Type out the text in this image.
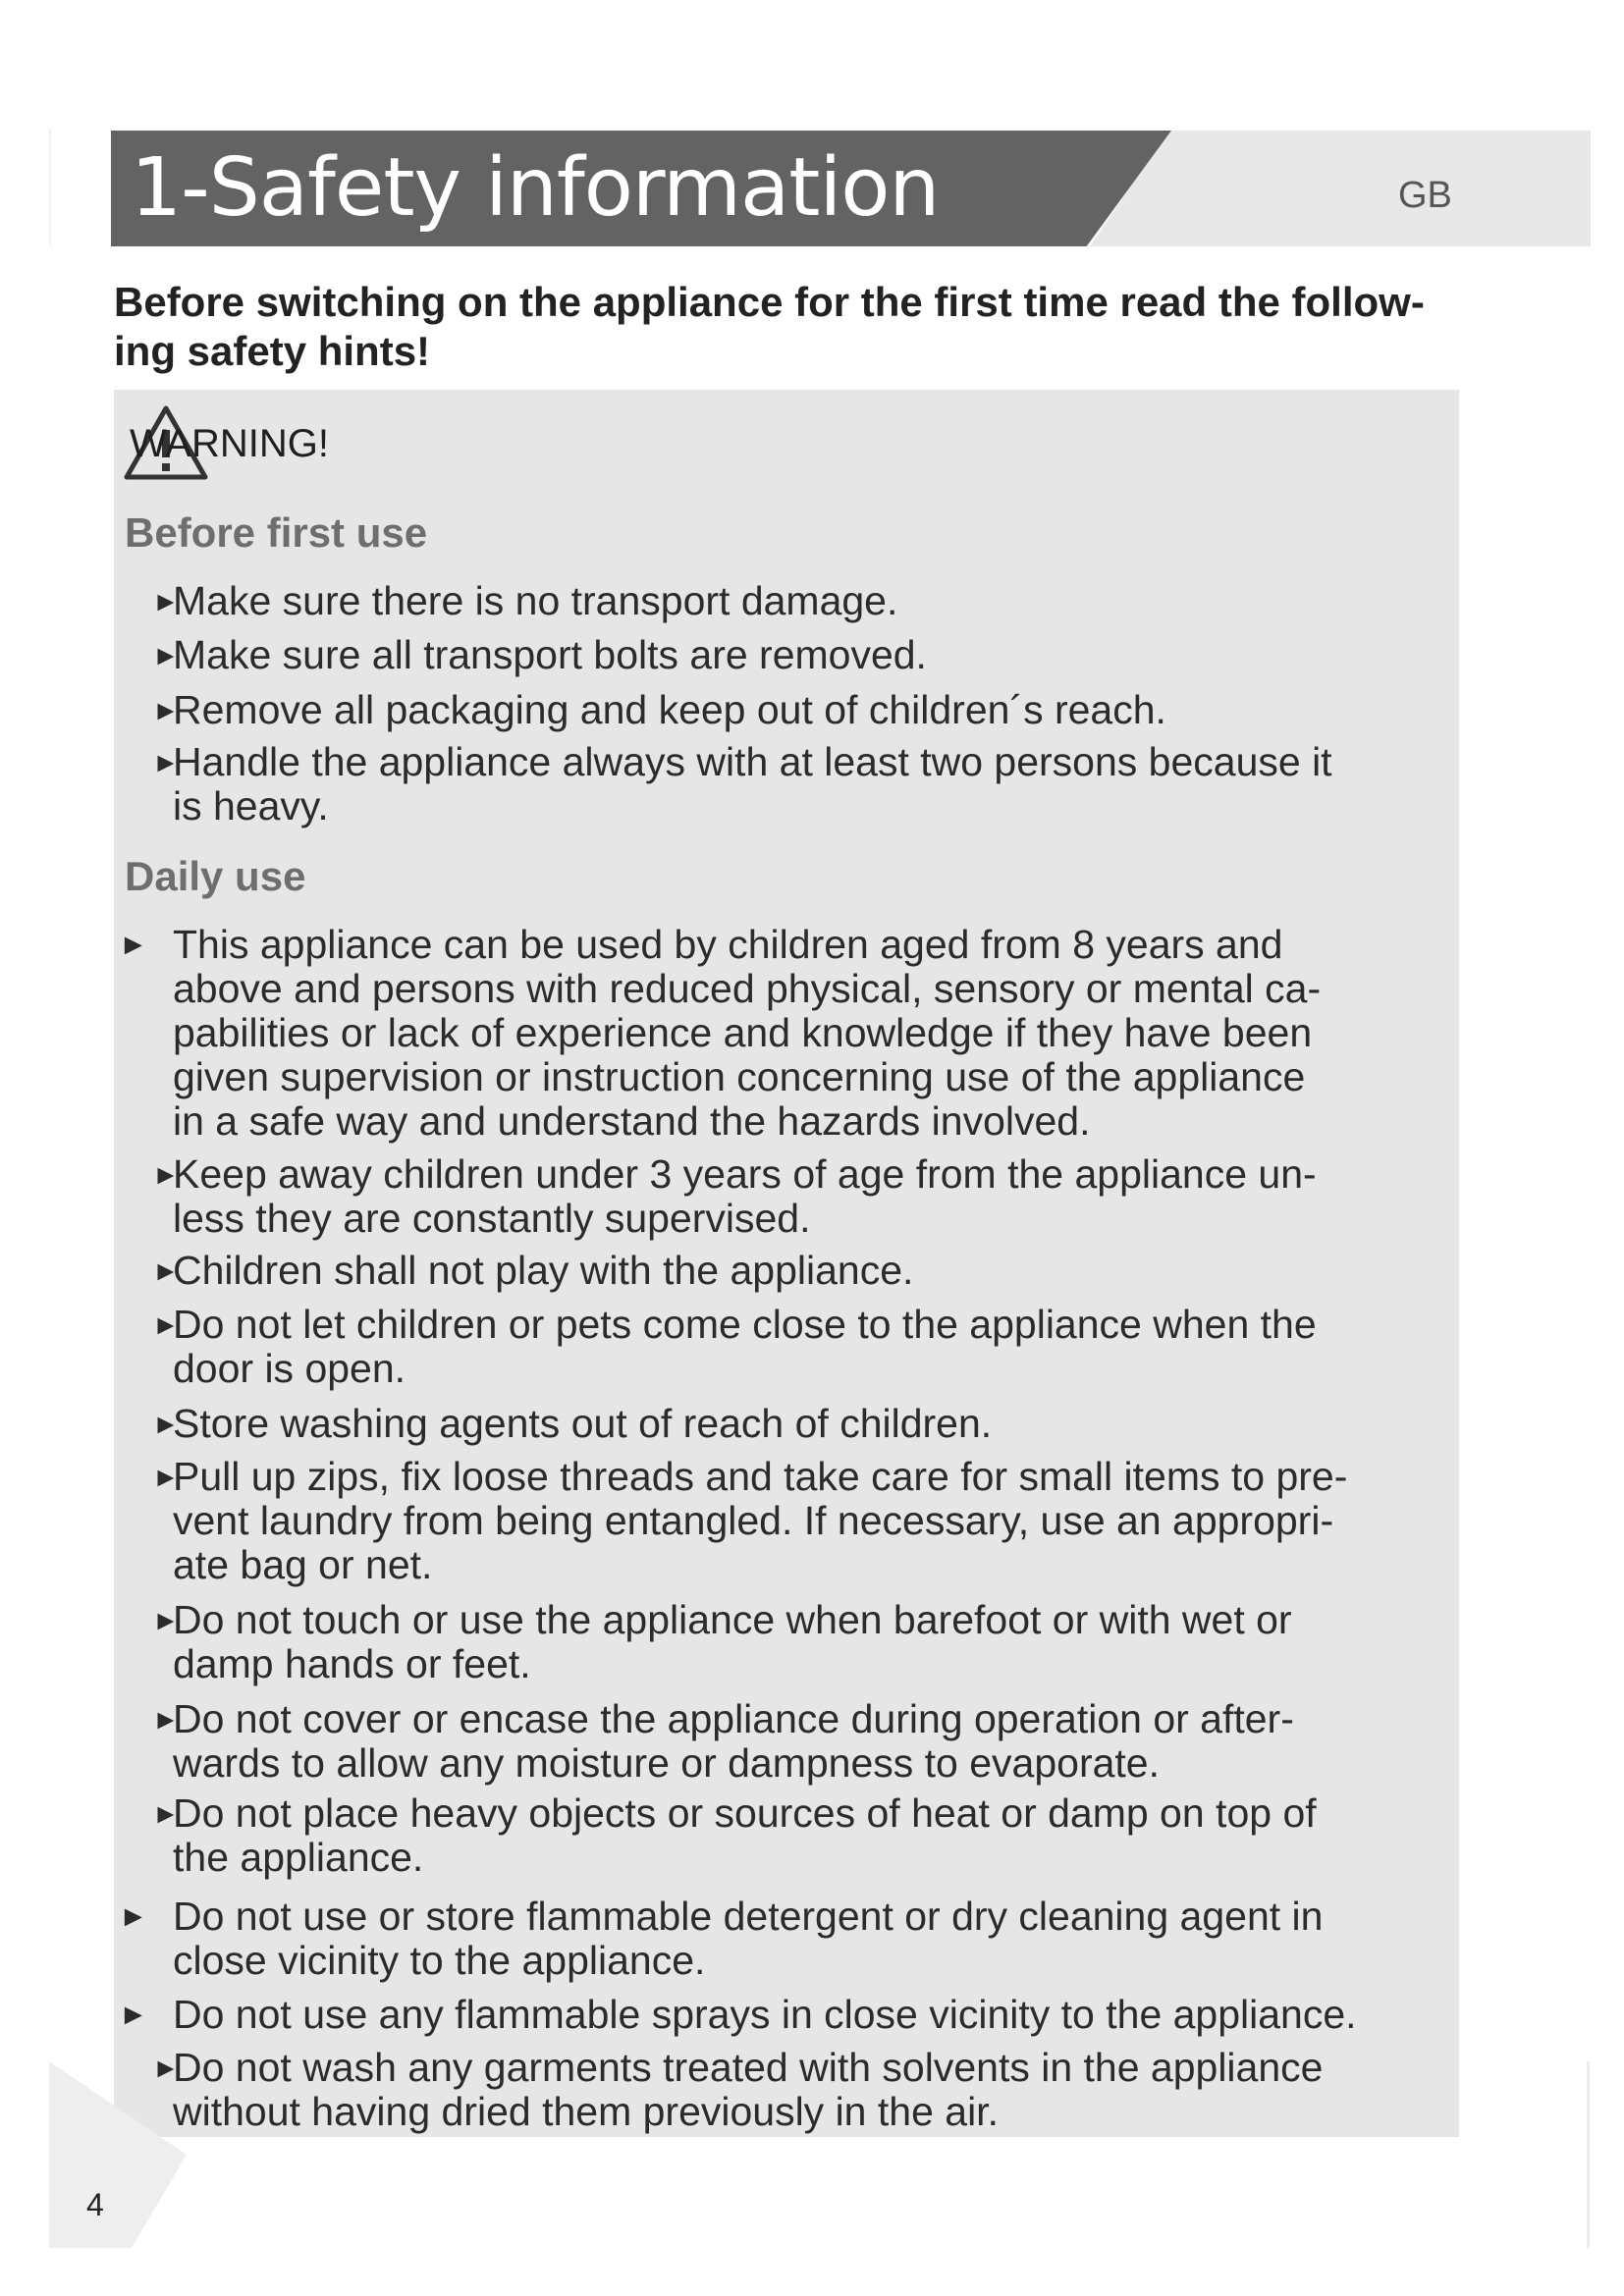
1-Safety information	GB
Before switching on the appliance for the first time read the follow-
ing safety hints!
WARNING!
Before first use
►
Make sure there is no transport damage.
►
Make sure all transport bolts are removed.
►
Remove all packaging and keep out of children´s reach.
►
Handle the appliance always with at least two persons because it
is heavy.
Daily use
► This appliance can be used by children aged from 8 years and
above and persons with reduced physical, sensory or mental ca-
pabilities or lack of experience and knowledge if they have been
given supervision or instruction concerning use of the appliance
in a safe way and understand the hazards involved.
►
Keep away children under 3 years of age from the appliance un-
less they are constantly supervised.
►
Children shall not play with the appliance.
►
Do not let children or pets come close to the appliance when the
door is open.
►
Store washing agents out of reach of children.
►
Pull up zips, fix loose threads and take care for small items to pre-
vent laundry from being entangled. If necessary, use an appropri-
ate bag or net.
►
Do not touch or use the appliance when barefoot or with wet or
damp hands or feet.
►
Do not cover or encase the appliance during operation or after-
wards to allow any moisture or dampness to evaporate.
►
Do not place heavy objects or sources of heat or damp on top of
the appliance.
► Do not use or store flammable detergent or dry cleaning agent in
close vicinity to the appliance.
► Do not use any flammable sprays in close vicinity to the appliance.
►
Do not wash any garments treated with solvents in the appliance
without having dried them previously in the air.
4
